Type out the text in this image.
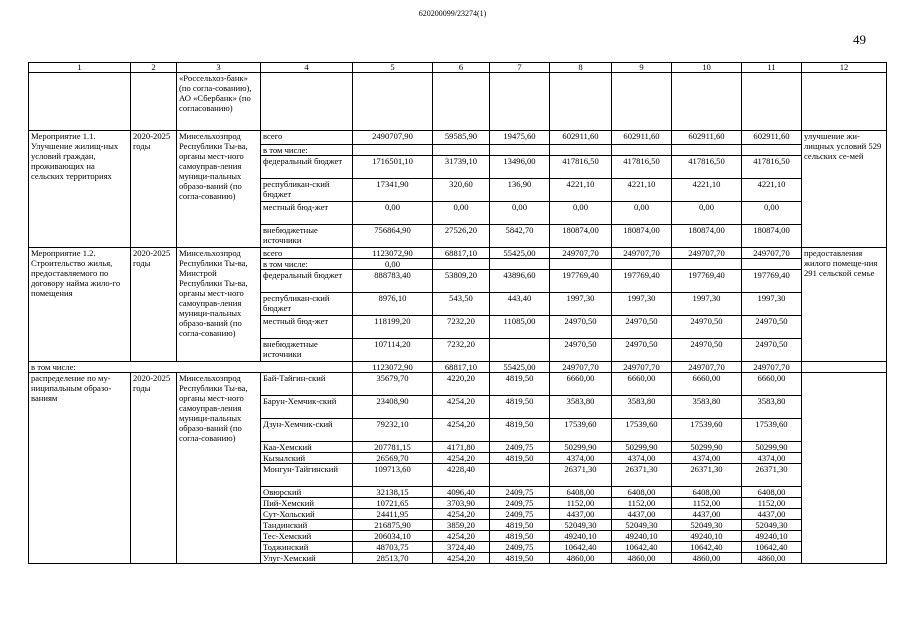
620200099/23274(1)
49
1	2	3	4	5	6	7	8	9	10	11	12
		«Россельхоз-банк» (по согла-сованию), АО «Сбербанк» (по согласованию)									
Мероприятие 1.1. Улучшение жилищ-ных условий граждан, проживающих на сельских территориях	2020-2025 годы	Минсельхозпрод Республики Ты-ва, органы мест-ного самоуправ-ления муници-пальных образо-ваний (по согла-сованию)	всего	2490707,90	59585,90	19475,60	602911,60	602911,60	602911,60	602911,60	улучшение жи-лищных условий 529 сельских се-мей
			в том числе:								
			федеральный бюджет	1716501,10	31739,10	13496,00	417816,50	417816,50	417816,50	417816,50	
			республикан-ский бюджет	17341,90	320,60	136,90	4221,10	4221,10	4221,10	4221,10	
			местный бюд-жет	0,00	0,00	0,00	0,00	0,00	0,00	0,00	
			внебюджетные источники	756864,90	27526,20	5842,70	180874,00	180874,00	180874,00	180874,00	
Мероприятие 1.2. Строительство жилья, предоставляемого по договору найма жило-го помещения	2020-2025 годы	Минсельхозпрод Республики Ты-ва, Минстрой Республики Ты-ва, органы мест-ного самоуправ-ления муници-пальных образо-ваний (по согла-сованию)	всего	1123072,90	68817,10	55425,00	249707,70	249707,70	249707,70	249707,70	предоставления жилого помеще-ния 291 сельской семье
			в том числе:	0,00							
			федеральный бюджет	888783,40	53809,20	43896,60	197769,40	197769,40	197769,40	197769,40	
			республикан-ский бюджет	8976,10	543,50	443,40	1997,30	1997,30	1997,30	1997,30	
			местный бюд-жет	118199,20	7232,20	11085,00	24970,50	24970,50	24970,50	24970,50	
			внебюджетные источники	107114,20	7232,20		24970,50	24970,50	24970,50	24970,50	
в том числе:				1123072,90	68817,10	55425,00	249707,70	249707,70	249707,70	249707,70	
распределение по му-ниципальным образо-ваниям	2020-2025 годы	Минсельхозпрод Республики Ты-ва, органы мест-ного самоуправ-ления муници-пальных образо-ваний (по согла-сованию)	Бай-Тайгин-ский	35679,70	4220,20	4819,50	6660,00	6660,00	6660,00	6660,00	
			Барун-Хемчик-ский	23408,90	4254,20	4819,50	3583,80	3583,80	3583,80	3583,80	
			Дзун-Хемчик-ский	79232,10	4254,20	4819,50	17539,60	17539,60	17539,60	17539,60	
			Каа-Хемский	207781,15	4171,80	2409,75	50299,90	50299,90	50299,90	50299,90	
			Кызылский	26569,70	4254,20	4819,50	4374,00	4374,00	4374,00	4374,00	
			Монгун-Тайгинский	109713,60	4228,40		26371,30	26371,30	26371,30	26371,30	
			Овюрский	32138,15	4096,40	2409,75	6408,00	6408,00	6408,00	6408,00	
			Пий-Хемский	10721,65	3703,90	2409,75	1152,00	1152,00	1152,00	1152,00	
			Сут-Хольский	24411,95	4254,20	2409,75	4437,00	4437,00	4437,00	4437,00	
			Тандинский	216875,90	3859,20	4819,50	52049,30	52049,30	52049,30	52049,30	
			Тес-Хемский	206034,10	4254,20	4819,50	49240,10	49240,10	49240,10	49240,10	
			Тоджинский	48703,75	3724,40	2409,75	10642,40	10642,40	10642,40	10642,40	
			Улуг-Хемский	28513,70	4254,20	4819,50	4860,00	4860,00	4860,00	4860,00	
